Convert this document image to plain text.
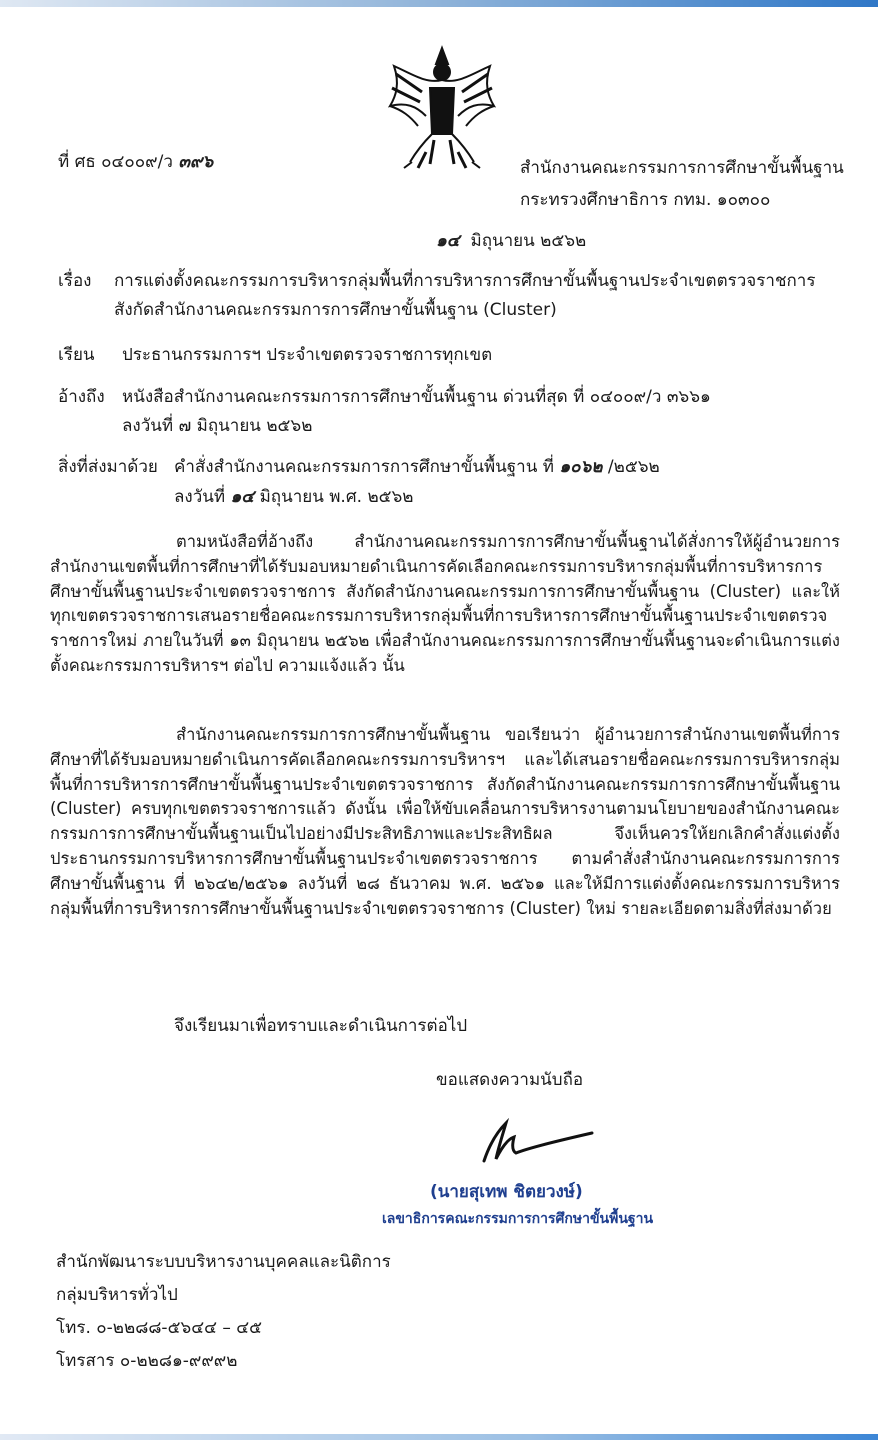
ที่ ศธ ๐๔๐๐๙/ว ๓๙๖	สำนักงานคณะกรรมการการศึกษาขั้นพื้นฐาน
กระทรวงศึกษาธิการ กทม. ๑๐๓๐๐
๑๔ มิถุนายน ๒๕๖๒
เรื่อง การแต่งตั้งคณะกรรมการบริหารกลุ่มพื้นที่การบริหารการศึกษาขั้นพื้นฐานประจำเขตตรวจราชการ
สังกัดสำนักงานคณะกรรมการการศึกษาขั้นพื้นฐาน (Cluster)
เรียน ประธานกรรมการฯ ประจำเขตตรวจราชการทุกเขต
อ้างถึง หนังสือสำนักงานคณะกรรมการการศึกษาขั้นพื้นฐาน ด่วนที่สุด ที่ ๐๔๐๐๙/ว ๓๖๖๑
ลงวันที่ ๗ มิถุนายน ๒๕๖๒
สิ่งที่ส่งมาด้วย คำสั่งสำนักงานคณะกรรมการการศึกษาขั้นพื้นฐาน ที่ ๑๐๖๒ /๒๕๖๒
ลงวันที่ ๑๔ มิถุนายน พ.ศ. ๒๕๖๒

ตามหนังสือที่อ้างถึง สำนักงานคณะกรรมการการศึกษาขั้นพื้นฐานได้สั่งการให้ผู้อำนวยการสำนักงานเขตพื้นที่การศึกษาที่ได้รับมอบหมายดำเนินการคัดเลือกคณะกรรมการบริหารกลุ่มพื้นที่การบริหารการศึกษาขั้นพื้นฐานประจำเขตตรวจราชการ สังกัดสำนักงานคณะกรรมการการศึกษาขั้นพื้นฐาน (Cluster) และให้ทุกเขตตรวจราชการเสนอรายชื่อคณะกรรมการบริหารกลุ่มพื้นที่การบริหารการศึกษาขั้นพื้นฐานประจำเขตตรวจราชการใหม่ ภายในวันที่ ๑๓ มิถุนายน ๒๕๖๒ เพื่อสำนักงานคณะกรรมการการศึกษาขั้นพื้นฐานจะดำเนินการแต่งตั้งคณะกรรมการบริหารฯ ต่อไป ความแจ้งแล้ว นั้น

สำนักงานคณะกรรมการการศึกษาขั้นพื้นฐาน ขอเรียนว่า ผู้อำนวยการสำนักงานเขตพื้นที่การศึกษาที่ได้รับมอบหมายดำเนินการคัดเลือกคณะกรรมการบริหารฯ และได้เสนอรายชื่อคณะกรรมการบริหารกลุ่มพื้นที่การบริหารการศึกษาขั้นพื้นฐานประจำเขตตรวจราชการ สังกัดสำนักงานคณะกรรมการการศึกษาขั้นพื้นฐาน (Cluster) ครบทุกเขตตรวจราชการแล้ว ดังนั้น เพื่อให้ขับเคลื่อนการบริหารงานตามนโยบายของสำนักงานคณะกรรมการการศึกษาขั้นพื้นฐานเป็นไปอย่างมีประสิทธิภาพและประสิทธิผล จึงเห็นควรให้ยกเลิกคำสั่งแต่งตั้งประธานกรรมการบริหารการศึกษาขั้นพื้นฐานประจำเขตตรวจราชการ ตามคำสั่งสำนักงานคณะกรรมการการศึกษาขั้นพื้นฐาน ที่ ๒๖๔๒/๒๕๖๑ ลงวันที่ ๒๘ ธันวาคม พ.ศ. ๒๕๖๑ และให้มีการแต่งตั้งคณะกรรมการบริหารกลุ่มพื้นที่การบริหารการศึกษาขั้นพื้นฐานประจำเขตตรวจราชการ (Cluster) ใหม่ รายละเอียดตามสิ่งที่ส่งมาด้วย

จึงเรียนมาเพื่อทราบและดำเนินการต่อไป
ขอแสดงความนับถือ
(นายสุเทพ ชิตยวงษ์)
เลขาธิการคณะกรรมการการศึกษาขั้นพื้นฐาน
สำนักพัฒนาระบบบริหารงานบุคคลและนิติการ
กลุ่มบริหารทั่วไป
โทร. ๐-๒๒๘๘-๕๖๔๔ – ๔๕
โทรสาร ๐-๒๒๘๑-๙๙๙๒
